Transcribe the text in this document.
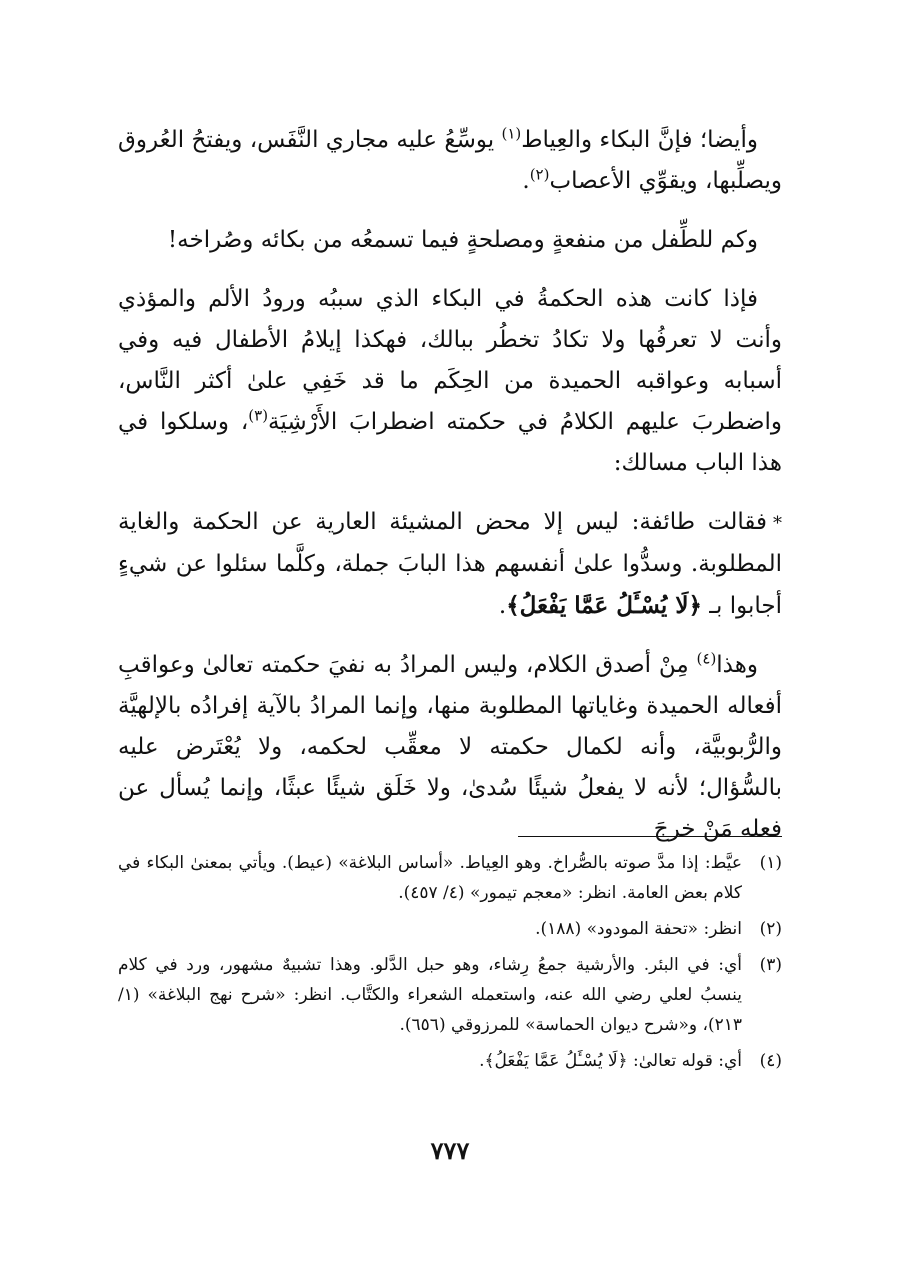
وأيضا؛ فإنَّ البكاء والعِياط$^{(١)}$ يوسِّعُ عليه مجاري النَّفَس، ويفتحُ العُروق ويصلِّبها، ويقوِّي الأعصاب$^{(٢)}$.

وكم للطِّفل من منفعةٍ ومصلحةٍ فيما تسمعُه من بكائه وصُراخه!

فإذا كانت هذه الحكمةُ في البكاء الذي سببُه ورودُ الألم والمؤذي وأنت لا تعرفُها ولا تكادُ تخطُر ببالك، فهكذا إيلامُ الأطفال فيه وفي أسبابه وعواقبه الحميدة من الحِكَم ما قد خَفِي علىٰ أكثر النَّاس، واضطربَ عليهم الكلامُ في حكمته اضطرابَ الأَرْشِيَة$^{(٣)}$، وسلكوا في هذا الباب مسالك:

*فقالت طائفة: ليس إلا محض المشيئة العارية عن الحكمة والغاية المطلوبة. وسدُّوا علىٰ أنفسهم هذا البابَ جملة، وكلَّما سئلوا عن شيءٍ أجابوا بـ ﴿لَا يُسْـَٔلُ عَمَّا يَفْعَلُ﴾.

وهذا$^{(٤)}$ مِنْ أصدق الكلام، وليس المرادُ به نفيَ حكمته تعالىٰ وعواقبِ أفعاله الحميدة وغاياتها المطلوبة منها، وإنما المرادُ بالآية إفرادُه بالإلهيَّة والرُّبوبيَّة، وأنه لكمال حكمته لا معقِّب لحكمه، ولا يُعْتَرض عليه بالسُّؤال؛ لأنه لا يفعلُ شيئًا سُدىٰ، ولا خَلَق شيئًا عبثًا، وإنما يُسأل عن فعله مَنْ خرجَ

(١)
عيَّط: إذا مدَّ صوته بالصُّراخ. وهو العِياط. «أساس البلاغة» (عيط). ويأتي بمعنىٰ البكاء في كلام بعض العامة. انظر: «معجم تيمور» (٤/ ٤٥٧).
(٢)
انظر: «تحفة المودود» (١٨٨).
(٣)
أي: في البئر. والأرشية جمعُ رِشاء، وهو حبل الدَّلو. وهذا تشبيهٌ مشهور، ورد في كلام ينسبُ لعلي رضي الله عنه، واستعمله الشعراء والكتَّاب. انظر: «شرح نهج البلاغة» (١/ ٢١٣)، و«شرح ديوان الحماسة» للمرزوقي (٦٥٦).
(٤)
أي: قوله تعالىٰ: ﴿لَا يُسْـَٔلُ عَمَّا يَفْعَلُ﴾.
٧٧٧
